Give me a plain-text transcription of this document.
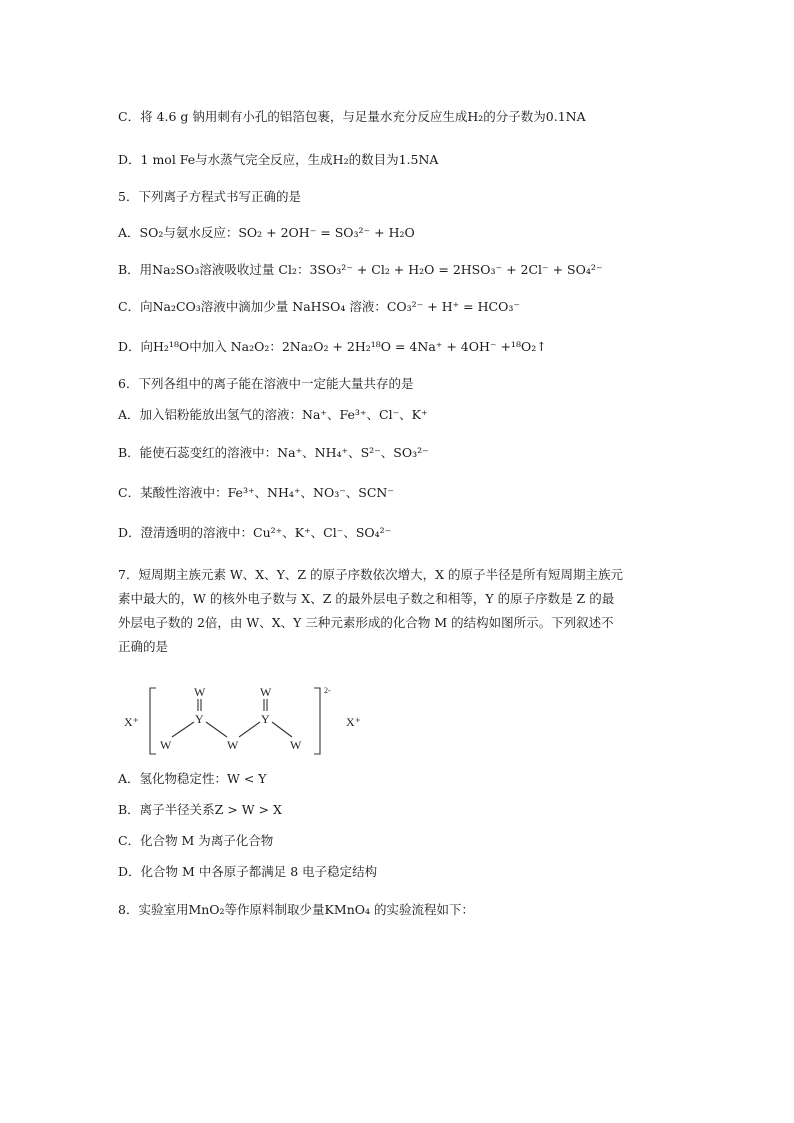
C．将 4.6 g 钠用刺有小孔的铝箔包裹，与足量水充分反应生成H₂的分子数为0.1NA
D．1 mol Fe与水蒸气完全反应，生成H₂的数目为1.5NA
5．下列离子方程式书写正确的是
A．SO₂与氨水反应：SO₂ + 2OH⁻ = SO₃²⁻ + H₂O
B．用Na₂SO₃溶液吸收过量 Cl₂：3SO₃²⁻ + Cl₂ + H₂O = 2HSO₃⁻ + 2Cl⁻ + SO₄²⁻
C．向Na₂CO₃溶液中滴加少量 NaHSO₄ 溶液：CO₃²⁻ + H⁺ = HCO₃⁻
D．向H₂¹⁸O中加入 Na₂O₂：2Na₂O₂ + 2H₂¹⁸O = 4Na⁺ + 4OH⁻ +¹⁸O₂↑
6．下列各组中的离子能在溶液中一定能大量共存的是
A．加入铝粉能放出氢气的溶液：Na⁺、Fe³⁺、Cl⁻、K⁺
B．能使石蕊变红的溶液中：Na⁺、NH₄⁺、S²⁻、SO₃²⁻
C．某酸性溶液中：Fe³⁺、NH₄⁺、NO₃⁻、SCN⁻
D．澄清透明的溶液中：Cu²⁺、K⁺、Cl⁻、SO₄²⁻
7．短周期主族元素 W、X、Y、Z 的原子序数依次增大，X 的原子半径是所有短周期主族元
素中最大的，W 的核外电子数与 X、Z 的最外层电子数之和相等，Y 的原子序数是 Z 的最
外层电子数的 2倍，由 W、X、Y 三种元素形成的化合物 M 的结构如图所示。下列叙述不
正确的是
X⁺
W	W
Y	Y
W	W	W
2-
X⁺
A．氢化物稳定性：W < Y
B．离子半径关系Z > W > X
C．化合物 M 为离子化合物
D．化合物 M 中各原子都满足 8 电子稳定结构
8．实验室用MnO₂等作原料制取少量KMnO₄ 的实验流程如下：
